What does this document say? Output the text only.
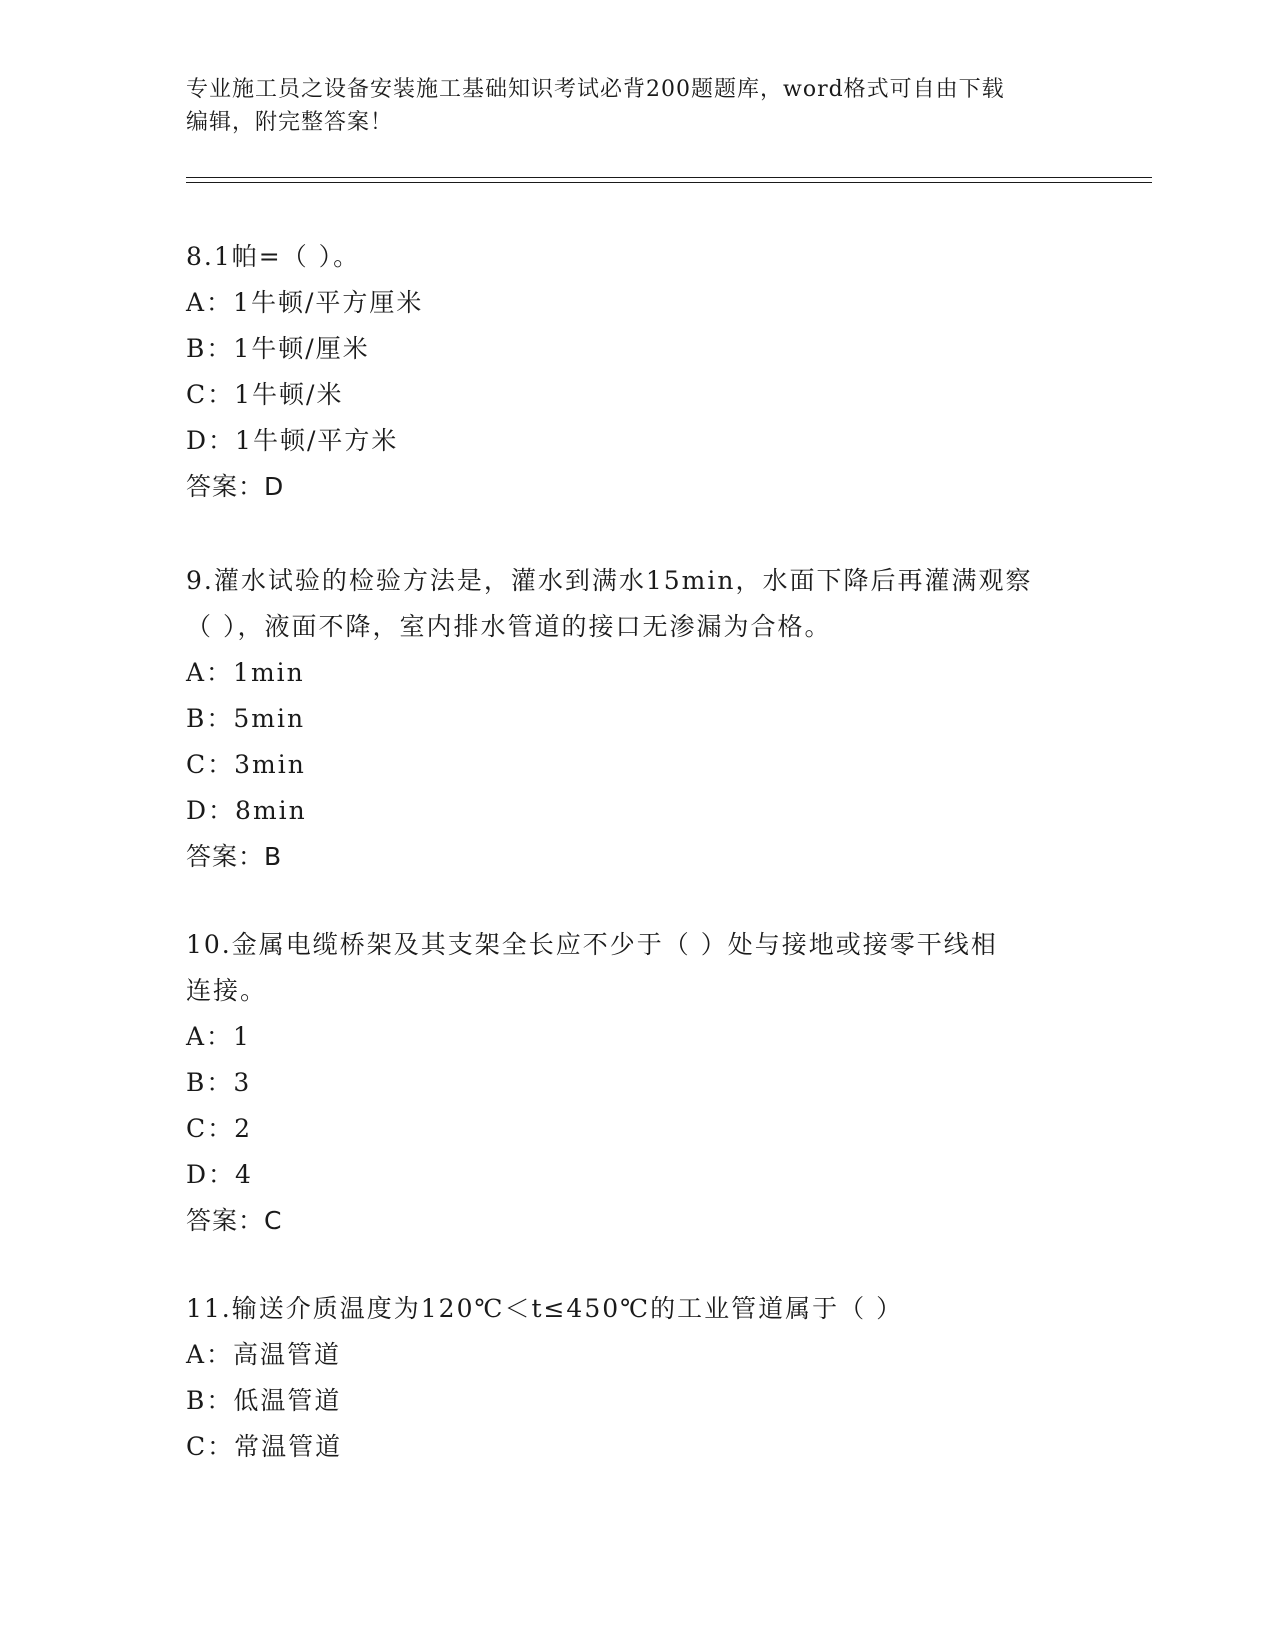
专业施工员之设备安装施工基础知识考试必背200题题库，word格式可自由下载
编辑，附完整答案！

8.1帕=（ ）。

A：1牛顿/平方厘米

B：1牛顿/厘米

C：1牛顿/米

D：1牛顿/平方米

答案：D

9.灌水试验的检验方法是，灌水到满水15min，水面下降后再灌满观察

（ ），液面不降，室内排水管道的接口无渗漏为合格。

A：1min

B：5min

C：3min

D：8min

答案：B

10.金属电缆桥架及其支架全长应不少于（ ）处与接地或接零干线相

连接。

A：1

B：3

C：2

D：4

答案：C

11.输送介质温度为120℃＜t≤450℃的工业管道属于（ ）

A：高温管道

B：低温管道

C：常温管道
